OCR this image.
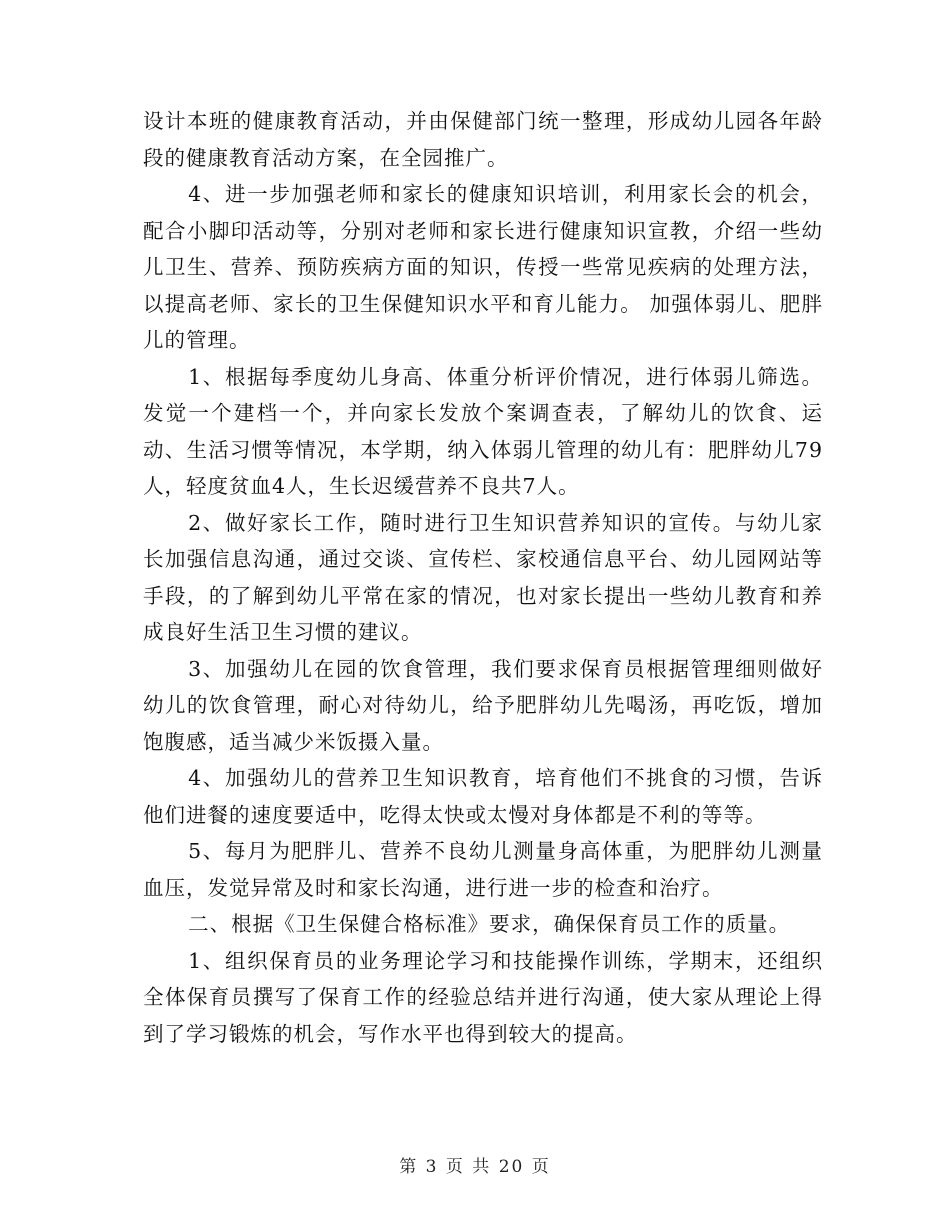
设计本班的健康教育活动，并由保健部门统一整理，形成幼儿园各年龄段的健康教育活动方案，在全园推广。

4、进一步加强老师和家长的健康知识培训，利用家长会的机会，配合小脚印活动等，分别对老师和家长进行健康知识宣教，介绍一些幼儿卫生、营养、预防疾病方面的知识，传授一些常见疾病的处理方法，以提高老师、家长的卫生保健知识水平和育儿能力。 加强体弱儿、肥胖儿的管理。

1、根据每季度幼儿身高、体重分析评价情况，进行体弱儿筛选。发觉一个建档一个，并向家长发放个案调查表，了解幼儿的饮食、运动、生活习惯等情况，本学期，纳入体弱儿管理的幼儿有：肥胖幼儿79人，轻度贫血4人，生长迟缓营养不良共7人。

2、做好家长工作，随时进行卫生知识营养知识的宣传。与幼儿家长加强信息沟通，通过交谈、宣传栏、家校通信息平台、幼儿园网站等手段，的了解到幼儿平常在家的情况，也对家长提出一些幼儿教育和养成良好生活卫生习惯的建议。

3、加强幼儿在园的饮食管理，我们要求保育员根据管理细则做好幼儿的饮食管理，耐心对待幼儿，给予肥胖幼儿先喝汤，再吃饭，增加饱腹感，适当减少米饭摄入量。

4、加强幼儿的营养卫生知识教育，培育他们不挑食的习惯，告诉他们进餐的速度要适中，吃得太快或太慢对身体都是不利的等等。

5、每月为肥胖儿、营养不良幼儿测量身高体重，为肥胖幼儿测量血压，发觉异常及时和家长沟通，进行进一步的检查和治疗。

二、根据《卫生保健合格标准》要求，确保保育员工作的质量。

1、组织保育员的业务理论学习和技能操作训练，学期末，还组织全体保育员撰写了保育工作的经验总结并进行沟通，使大家从理论上得到了学习锻炼的机会，写作水平也得到较大的提高。

第 3 页 共 20 页
